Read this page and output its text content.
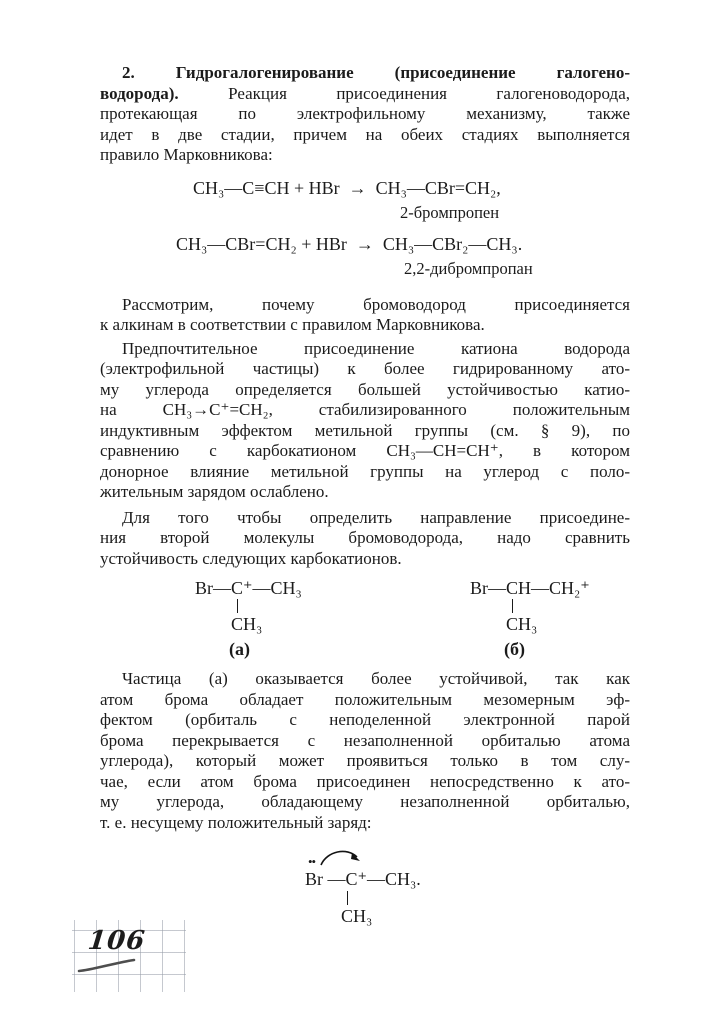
2. Гидрогалогенирование (присоединение галогено-
водорода).	Реакция присоединения галогеноводорода,
протекающая по электрофильному механизму, также
идет в две стадии, причем на обеих стадиях выполняется
правило Марковникова:
CH₃—C≡CH + HBr  →  CH₃—CBr=CH₂,
2-бромпропен
CH₃—CBr=CH₂ + HBr  →  CH₃—CBr₂—CH₃.
2,2-дибромпропан
Рассмотрим, почему бромоводород присоединяется
к алкинам в соответствии с правилом Марковникова.
Предпочтительное присоединение катиона водорода
(электрофильной частицы) к более гидрированному ато-
му углерода определяется большей устойчивостью катио-
на CH₃→C⁺=CH₂, стабилизированного положительным
индуктивным эффектом метильной группы (см. § 9), по
сравнению с карбокатионом CH₃—CH=CH⁺, в котором
донорное влияние метильной группы на углерод с поло-
жительным зарядом ослаблено.
Для того чтобы определить направление присоедине-
ния второй молекулы бромоводорода, надо сравнить
устойчивость следующих карбокатионов.
Br—C⁺—CH₃
CH₃
(а)
Br—CH—CH₂⁺
CH₃
(б)
Частица (а) оказывается более устойчивой, так как
атом брома обладает положительным мезомерным эф-
фектом (орбиталь с неподеленной электронной парой
брома перекрывается с незаполненной орбиталью атома
углерода), который может проявиться только в том слу-
чае, если атом брома присоединен непосредственно к ато-
му углерода, обладающему незаполненной орбиталью,
т. е. несущему положительный заряд:
••
Br —C⁺—CH₃.
CH₃
106
